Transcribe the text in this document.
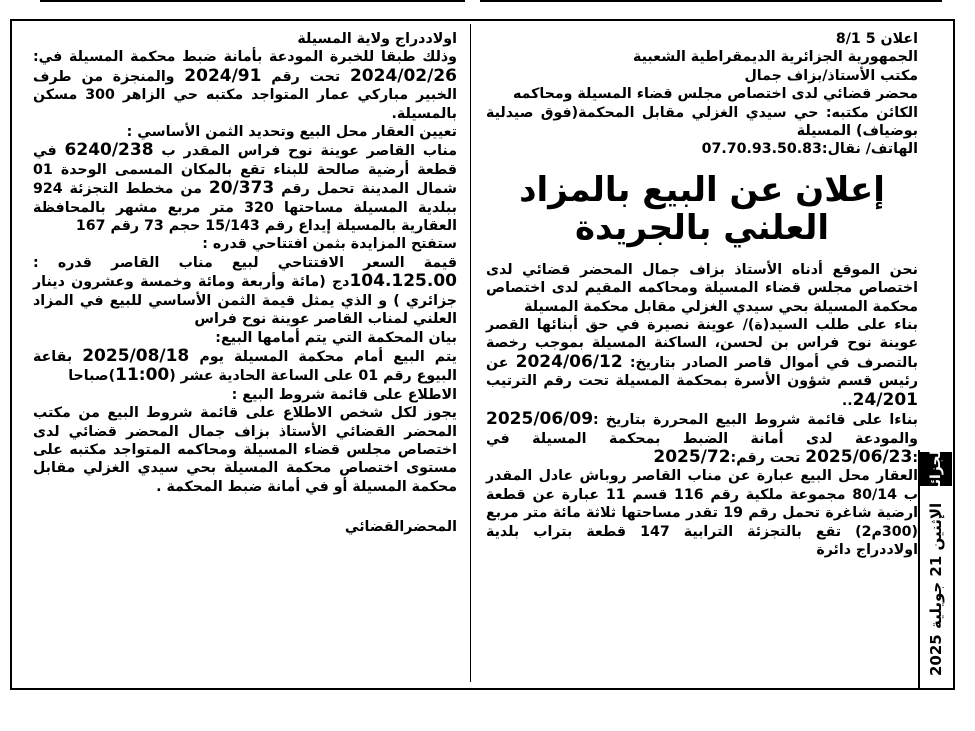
اعلان 5 8/1

الجمهورية الجزائرية الديمقراطية الشعبية

مكتب الأستاذ/بزاف جمال

محضر قضائي لدى اختصاص مجلس قضاء المسيلة ومحاكمه

الكائن مكتبه: حي سيدي الغزلي مقابل المحكمة(فوق صيدلية بوضياف) المسيلة

الهاتف/ نقال:07.70.93.50.83

إعلان عن البيع بالمزاد العلني بالجريدة

نحن الموقع أدناه الأستاذ بزاف جمال المحضر قضائي لدى اختصاص مجلس قضاء المسيلة ومحاكمه المقيم لدى اختصاص محكمة المسيلة بحي سيدي الغزلي مقابل محكمة المسيلة

بناء على طلب السيد(ة)/ عوينة نصيرة في حق أبنائها القصر عوينة نوح فراس بن لحسن، الساكنة المسيلة بموجب رخصة بالتصرف في أموال قاصر الصادر بتاريخ: 2024/06/12 عن رئيس قسم شؤون الأسرة بمحكمة المسيلة تحت رقم الترتيب 24/201..

بناءا على قائمة شروط البيع المحررة بتاريخ :2025/06/09 والمودعة لدى أمانة الضبط بمحكمة المسيلة في :2025/06/23 تحت رقم:2025/72

العقار محل البيع عبارة عن مناب القاصر روباش عادل المقدر ب 80/14 مجموعة ملكية رقم 116 قسم 11 عبارة عن قطعة ارضية شاغرة تحمل رقم 19 تقدر مساحتها ثلاثة مائة متر مربع (300م2) تقع بالتجزئة الترابية 147 قطعة بتراب بلدية اولاددراج دائرة

اولاددراج ولاية المسيلة

وذلك طبقا للخبرة المودعة بأمانة ضبط محكمة المسيلة في: 2024/02/26 تحت رقم 2024/91 والمنجزة من طرف الخبير مباركي عمار المتواجد مكتبه حي الزاهر 300 مسكن بالمسيلة.

تعيين العقار محل البيع وتحديد الثمن الأساسي :

مناب القاصر عوينة نوح فراس المقدر ب 6240/238 في قطعة أرضية صالحة للبناء تقع بالمكان المسمى الوحدة 01 شمال المدينة تحمل رقم 20/373 من مخطط التجزئة 924 ببلدية المسيلة مساحتها 320 متر مربع مشهر بالمحافظة العقارية بالمسيلة إيداع رقم 15/143 حجم 73 رقم 167

ستفتح المزايدة بثمن افتتاحي قدره :

قيمة السعر الافتتاحي لبيع مناب القاصر قدره : 104.125.00دج (مائة وأربعة ومائة وخمسة وعشرون دينار جزائري ) و الذي يمثل قيمة الثمن الأساسي للبيع في المزاد العلني لمناب القاصر عوينة نوح فراس

بيان المحكمة التي يتم أمامها البيع:

يتم البيع أمام محكمة المسيلة يوم 2025/08/18 بقاعة البيوع رقم 01 على الساعة الحادية عشر (11:00)صباحا

الاطلاع على قائمة شروط البيع :

يجوز لكل شخص الاطلاع على قائمة شروط البيع من مكتب المحضر القضائي الأستاذ بزاف جمال المحضر قضائي لدى اختصاص مجلس قضاء المسيلة ومحاكمه المتواجد مكتبه على مستوى اختصاص محكمة المسيلة بحي سيدي الغزلي مقابل محكمة المسيلة أو في أمانة ضبط المحكمة .

المحضرالقضائي

الجزائر
الإثنين 21 جويلية 2025
